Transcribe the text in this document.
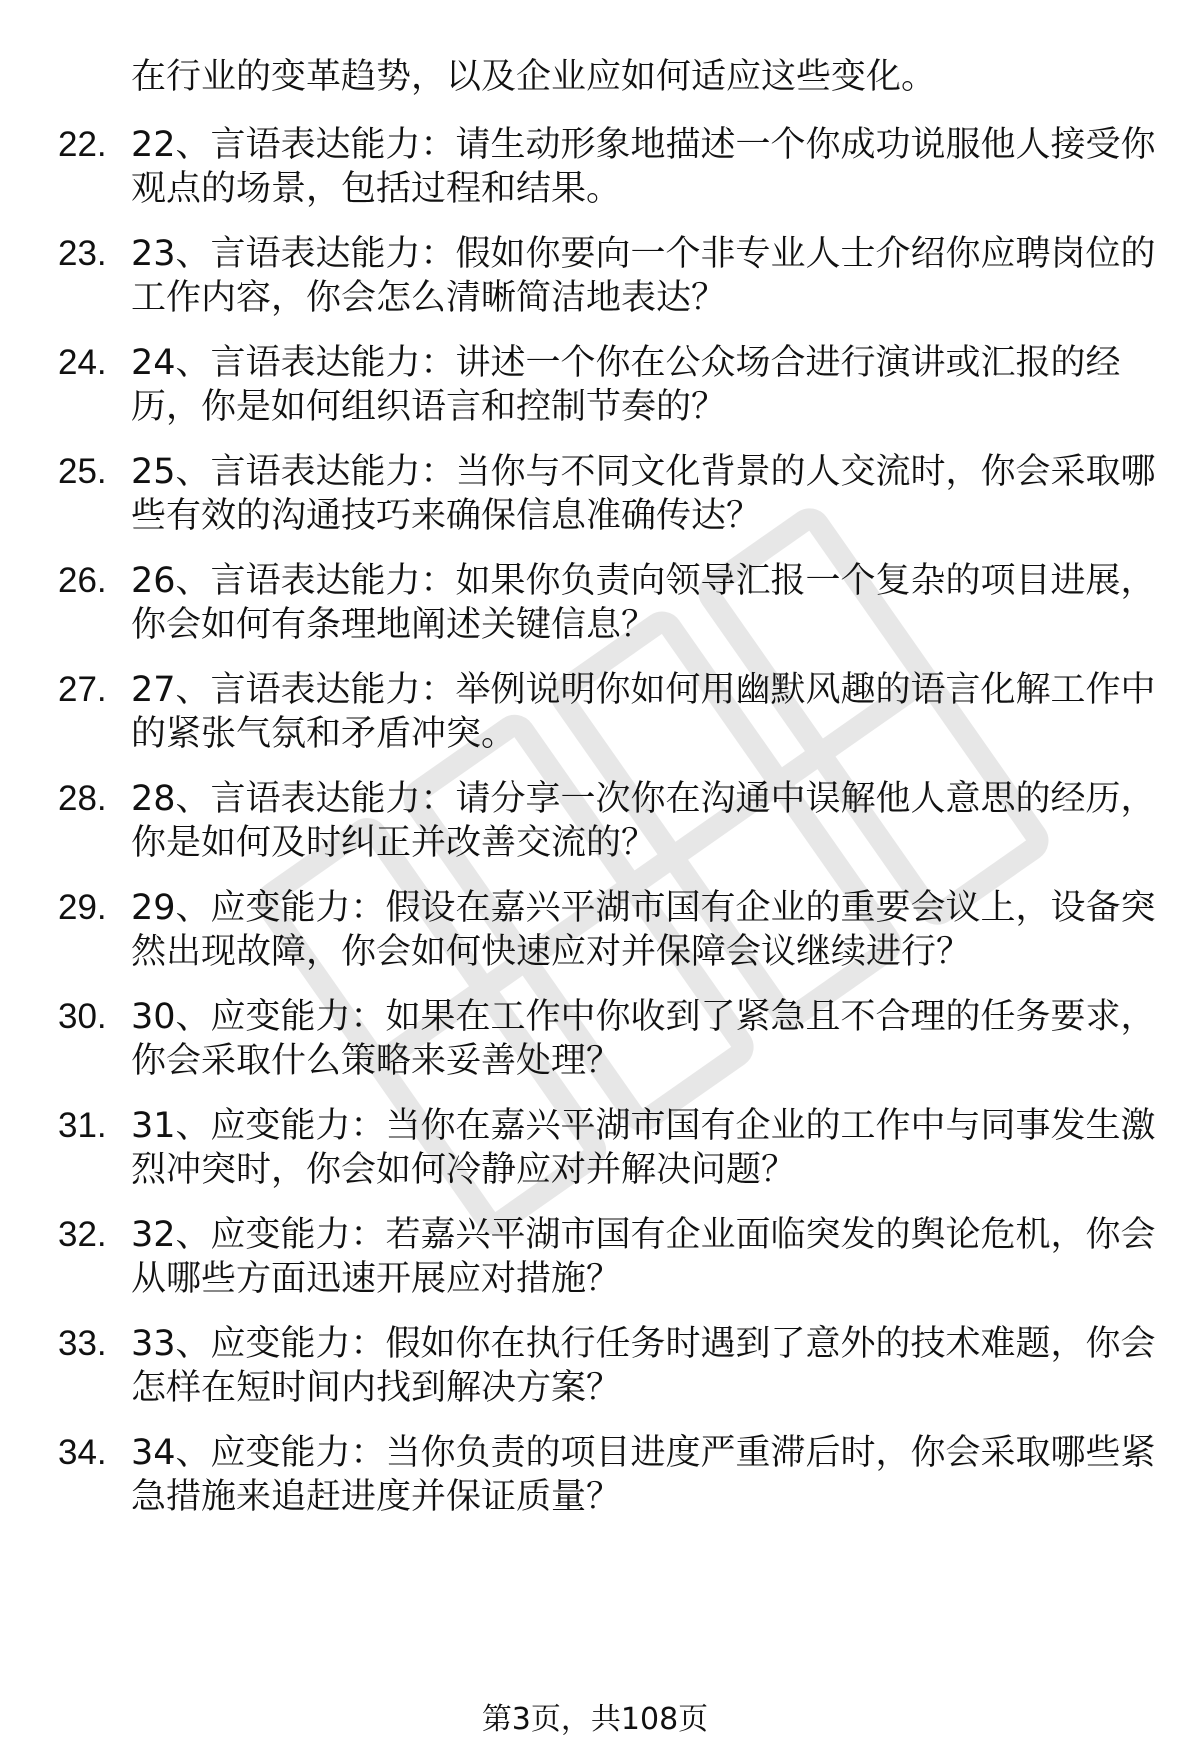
在行业的变革趋势，以及企业应如何适应这些变化。
22. 22、言语表达能力：请生动形象地描述一个你成功说服他人接受你观点的场景，包括过程和结果。
23. 23、言语表达能力：假如你要向一个非专业人士介绍你应聘岗位的工作内容，你会怎么清晰简洁地表达？
24. 24、言语表达能力：讲述一个你在公众场合进行演讲或汇报的经历，你是如何组织语言和控制节奏的？
25. 25、言语表达能力：当你与不同文化背景的人交流时，你会采取哪些有效的沟通技巧来确保信息准确传达？
26. 26、言语表达能力：如果你负责向领导汇报一个复杂的项目进展，你会如何有条理地阐述关键信息？
27. 27、言语表达能力：举例说明你如何用幽默风趣的语言化解工作中的紧张气氛和矛盾冲突。
28. 28、言语表达能力：请分享一次你在沟通中误解他人意思的经历，你是如何及时纠正并改善交流的？
29. 29、应变能力：假设在嘉兴平湖市国有企业的重要会议上，设备突然出现故障，你会如何快速应对并保障会议继续进行？
30. 30、应变能力：如果在工作中你收到了紧急且不合理的任务要求，你会采取什么策略来妥善处理？
31. 31、应变能力：当你在嘉兴平湖市国有企业的工作中与同事发生激烈冲突时，你会如何冷静应对并解决问题？
32. 32、应变能力：若嘉兴平湖市国有企业面临突发的舆论危机，你会从哪些方面迅速开展应对措施？
33. 33、应变能力：假如你在执行任务时遇到了意外的技术难题，你会怎样在短时间内找到解决方案？
34. 34、应变能力：当你负责的项目进度严重滞后时，你会采取哪些紧急措施来追赶进度并保证质量？
第3页，共108页
